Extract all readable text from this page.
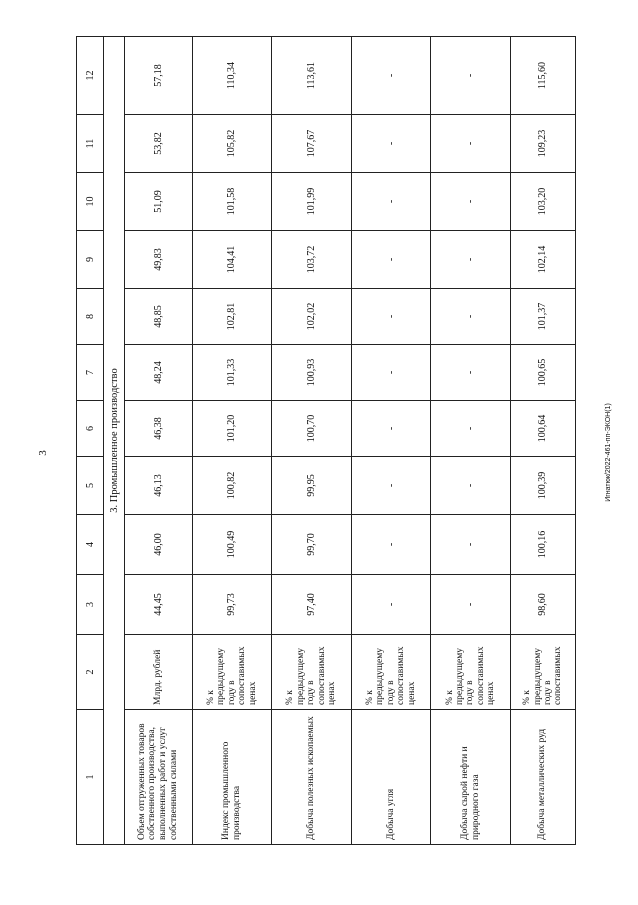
3	Игнатюк/2022-461-пп-ЭКОН(1)
1	2	3	4	5	6	7	8	9	10	11	12
3. Промышленное производство											
Объем отгруженных товаров собственного производства, выполненных работ и услуг собственными силами	Млрд. рублей	44,45	46,00	46,13	46,38	48,24	48,85	49,83	51,09	53,82	57,18
Индекс промышленного производства	% к предыдущему году в сопоставимых ценах	99,73	100,49	100,82	101,20	101,33	102,81	104,41	101,58	105,82	110,34
Добыча полезных ископаемых	% к предыдущему году в сопоставимых ценах	97,40	99,70	99,95	100,70	100,93	102,02	103,72	101,99	107,67	113,61
Добыча угля	% к предыдущему году в сопоставимых ценах	-	-	-	-	-	-	-	-	-	-
Добыча сырой нефти и природного газа	% к предыдущему году в сопоставимых ценах	-	-	-	-	-	-	-	-	-	-
Добыча металлических руд	% к предыдущему году в сопоставимых	98,60	100,16	100,39	100,64	100,65	101,37	102,14	103,20	109,23	115,60
